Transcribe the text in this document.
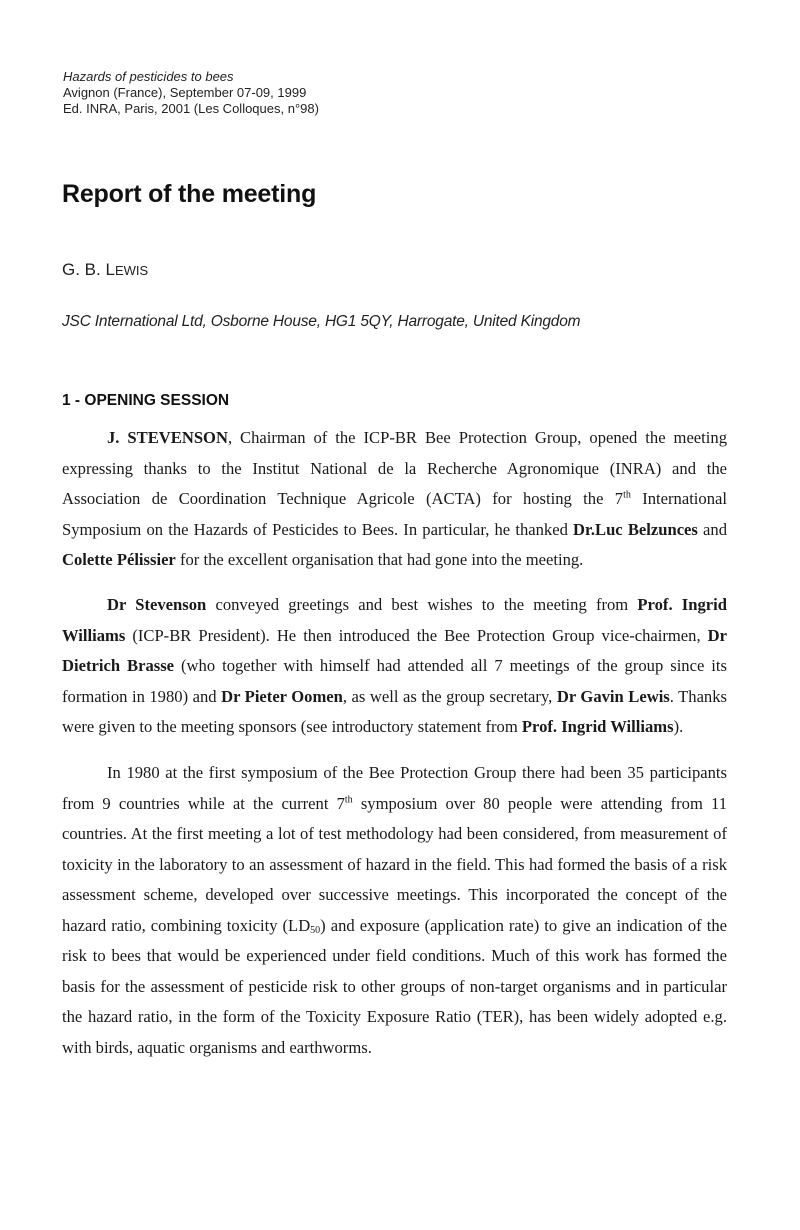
Hazards of pesticides to bees
Avignon (France), September 07-09, 1999
Ed. INRA, Paris, 2001 (Les Colloques, n°98)
Report of the meeting
G. B. LEWIS
JSC International Ltd, Osborne House, HG1 5QY, Harrogate, United Kingdom
1 - OPENING SESSION

J. STEVENSON, Chairman of the ICP-BR Bee Protection Group, opened the meeting expressing thanks to the Institut National de la Recherche Agronomique (INRA) and the Association de Coordination Technique Agricole (ACTA) for hosting the 7th International Symposium on the Hazards of Pesticides to Bees. In particular, he thanked Dr.Luc Belzunces and Colette Pélissier for the excellent organisation that had gone into the meeting.

Dr Stevenson conveyed greetings and best wishes to the meeting from Prof. Ingrid Williams (ICP-BR President). He then introduced the Bee Protection Group vice-chairmen, Dr Dietrich Brasse (who together with himself had attended all 7 meetings of the group since its formation in 1980) and Dr Pieter Oomen, as well as the group secretary, Dr Gavin Lewis. Thanks were given to the meeting sponsors (see introductory statement from Prof. Ingrid Williams).

In 1980 at the first symposium of the Bee Protection Group there had been 35 participants from 9 countries while at the current 7th symposium over 80 people were attending from 11 countries. At the first meeting a lot of test methodology had been considered, from measurement of toxicity in the laboratory to an assessment of hazard in the field. This had formed the basis of a risk assessment scheme, developed over successive meetings. This incorporated the concept of the hazard ratio, combining toxicity $(LD_{50})$ and exposure (application rate) to give an indication of the risk to bees that would be experienced under field conditions. Much of this work has formed the basis for the assessment of pesticide risk to other groups of non-target organisms and in particular the hazard ratio, in the form of the Toxicity Exposure Ratio (TER), has been widely adopted e.g. with birds, aquatic organisms and earthworms.
